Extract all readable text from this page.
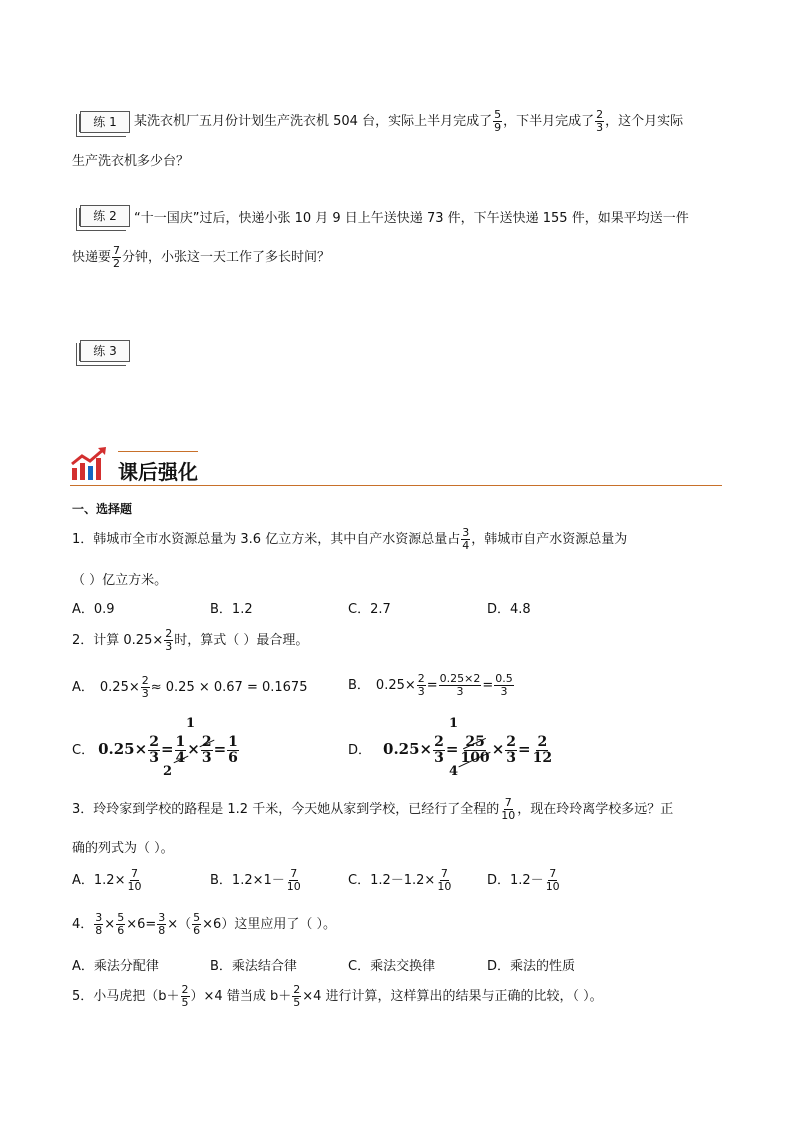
练 1	某洗衣机厂五月份计划生产洗衣机 504 台，实际上半月完成了 $\frac{5}{9}$ ，下半月完成了 $\frac{2}{3}$ ，这个月实际
生产洗衣机多少台？
练 2	“十一国庆”过后，快递小张 10 月 9 日上午送快递 73 件，下午送快递 155 件，如果平均送一件
快递要 $\frac{7}{2}$ 分钟，小张这一天工作了多长时间？
练 3
课后强化
一、选择题
1．韩城市全市水资源总量为 3.6 亿立方米，其中自产水资源总量占 $\frac{3}{4}$ ，韩城市自产水资源总量为
（ ）亿立方米。
A．0.9	B．1.2	C．2.7	D．4.8
2．计算 $0.25\times \frac{2}{3}$ 时，算式（ ）最合理。
A． $0.25\times \frac{2}{3} \approx 0.25 \times 0.67 = 0.1675$	B． $0.25\times \frac{2}{3} = \frac{0.25\times 2}{3} = \frac{0.5}{3}$
C． $0.25\times \frac{2}{3} = \frac{1}{4} \times \frac{2}{3} = \frac{1}{6}$
1
2
D． $0.25\times \frac{2}{3} = \frac{25}{100} \times \frac{2}{3} = \frac{2}{12}$
1
4
3．玲玲家到学校的路程是 1.2 千米，今天她从家到学校，已经行了全程的 $\frac{7}{10}$ ，现在玲玲离学校多远？正
确的列式为（ ）。
A．$1.2\times \frac{7}{10}$	B．$1.2\times 1- \frac{7}{10}$	C．$1.2-1.2\times \frac{7}{10}$	D．$1.2- \frac{7}{10}$
4． $\frac{3}{8} \times \frac{5}{6} \times 6= \frac{3}{8}$ ×（ $\frac{5}{6} \times 6$）这里应用了（ ）。
A．乘法分配律	B．乘法结合律	C．乘法交换律	D．乘法的性质
5．小马虎把$(b+ \frac{2}{5} )\times 4$ 错当成 $b+ \frac{2}{5} \times 4$ 进行计算，这样算出的结果与正确的比较，（ ）。
